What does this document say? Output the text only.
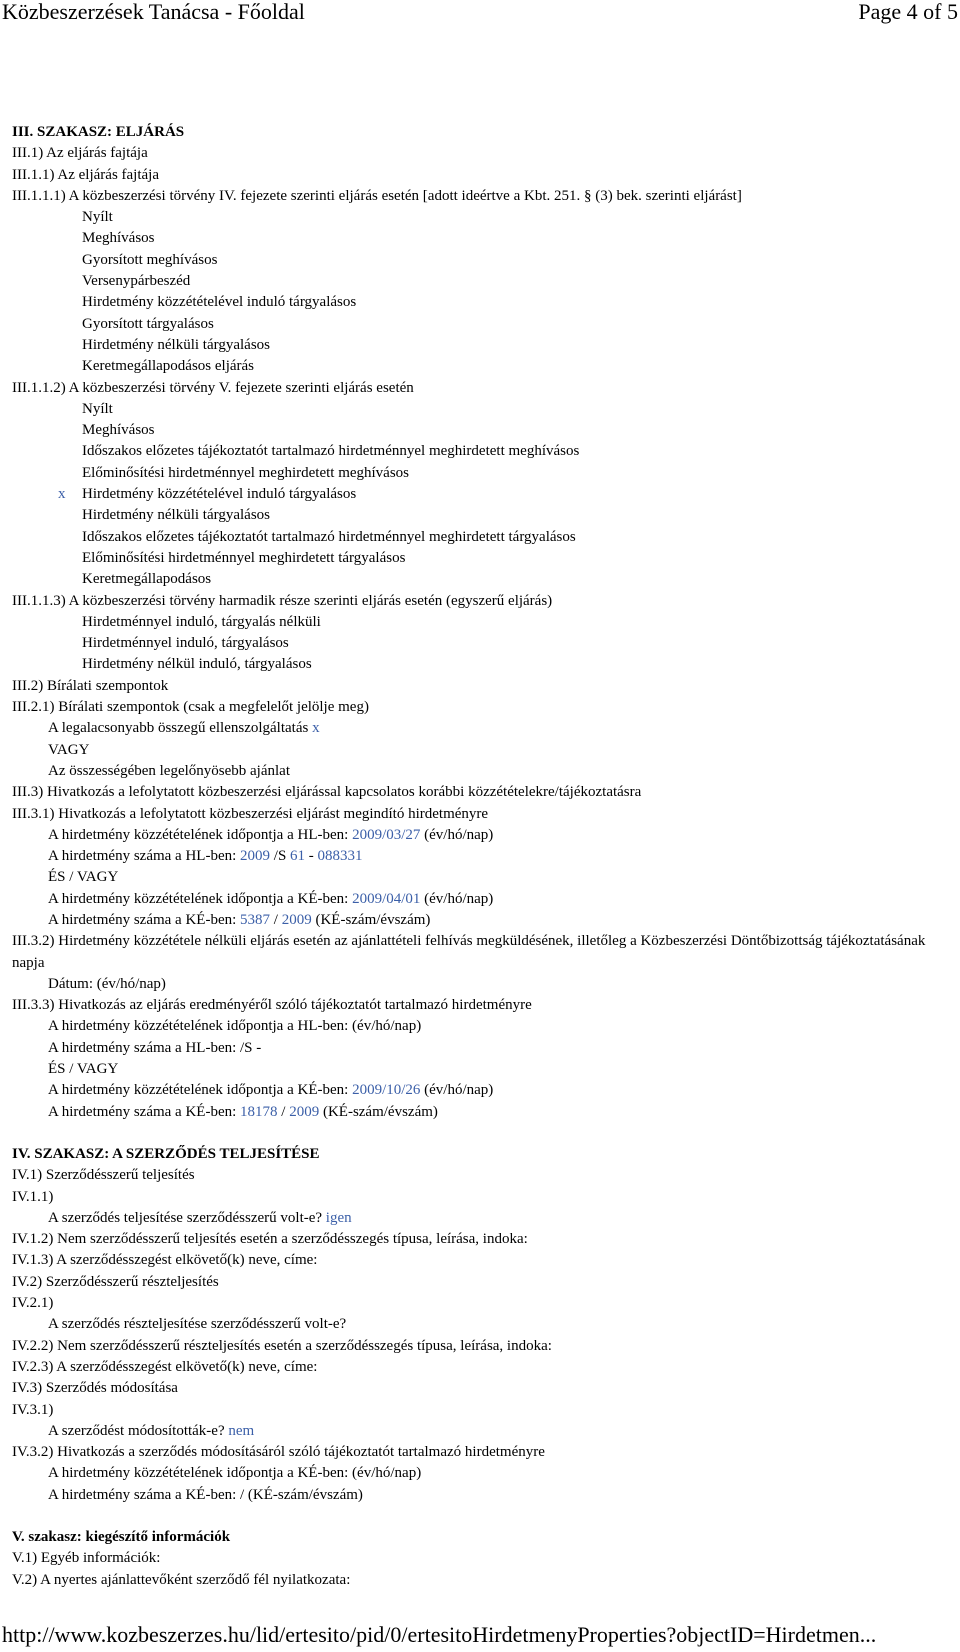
Közbeszerzések Tanácsa - Főoldal	Page 4 of 5
III. SZAKASZ: ELJÁRÁS
III.1) Az eljárás fajtája
III.1.1) Az eljárás fajtája
III.1.1.1) A közbeszerzési törvény IV. fejezete szerinti eljárás esetén [adott ideértve a Kbt. 251. § (3) bek. szerinti eljárást]
Nyílt
Meghívásos
Gyorsított meghívásos
Versenypárbeszéd
Hirdetmény közzétételével induló tárgyalásos
Gyorsított tárgyalásos
Hirdetmény nélküli tárgyalásos
Keretmegállapodásos eljárás
III.1.1.2) A közbeszerzési törvény V. fejezete szerinti eljárás esetén
Nyílt
Meghívásos
Időszakos előzetes tájékoztatót tartalmazó hirdetménnyel meghirdetett meghívásos
Előminősítési hirdetménnyel meghirdetett meghívásos
x Hirdetmény közzétételével induló tárgyalásos
Hirdetmény nélküli tárgyalásos
Időszakos előzetes tájékoztatót tartalmazó hirdetménnyel meghirdetett tárgyalásos
Előminősítési hirdetménnyel meghirdetett tárgyalásos
Keretmegállapodásos
III.1.1.3) A közbeszerzési törvény harmadik része szerinti eljárás esetén (egyszerű eljárás)
Hirdetménnyel induló, tárgyalás nélküli
Hirdetménnyel induló, tárgyalásos
Hirdetmény nélkül induló, tárgyalásos
III.2) Bírálati szempontok
III.2.1) Bírálati szempontok (csak a megfelelőt jelölje meg)
A legalacsonyabb összegű ellenszolgáltatás x
VAGY
Az összességében legelőnyösebb ajánlat
III.3) Hivatkozás a lefolytatott közbeszerzési eljárással kapcsolatos korábbi közzétételekre/tájékoztatásra
III.3.1) Hivatkozás a lefolytatott közbeszerzési eljárást megindító hirdetményre
A hirdetmény közzétételének időpontja a HL-ben: 2009/03/27 (év/hó/nap)
A hirdetmény száma a HL-ben: 2009 /S 61 - 088331
ÉS / VAGY
A hirdetmény közzétételének időpontja a KÉ-ben: 2009/04/01 (év/hó/nap)
A hirdetmény száma a KÉ-ben: 5387 / 2009 (KÉ-szám/évszám)
III.3.2) Hirdetmény közzététele nélküli eljárás esetén az ajánlattételi felhívás megküldésének, illetőleg a Közbeszerzési Döntőbizottság tájékoztatásának napja
Dátum: (év/hó/nap)
III.3.3) Hivatkozás az eljárás eredményéről szóló tájékoztatót tartalmazó hirdetményre
A hirdetmény közzétételének időpontja a HL-ben: (év/hó/nap)
A hirdetmény száma a HL-ben: /S -
ÉS / VAGY
A hirdetmény közzétételének időpontja a KÉ-ben: 2009/10/26 (év/hó/nap)
A hirdetmény száma a KÉ-ben: 18178 / 2009 (KÉ-szám/évszám)
IV. SZAKASZ: A SZERZŐDÉS TELJESÍTÉSE
IV.1) Szerződésszerű teljesítés
IV.1.1)
A szerződés teljesítése szerződésszerű volt-e? igen
IV.1.2) Nem szerződésszerű teljesítés esetén a szerződésszegés típusa, leírása, indoka:
IV.1.3) A szerződésszegést elkövető(k) neve, címe:
IV.2) Szerződésszerű részteljesítés
IV.2.1)
A szerződés részteljesítése szerződésszerű volt-e?
IV.2.2) Nem szerződésszerű részteljesítés esetén a szerződésszegés típusa, leírása, indoka:
IV.2.3) A szerződésszegést elkövető(k) neve, címe:
IV.3) Szerződés módosítása
IV.3.1)
A szerződést módosították-e? nem
IV.3.2) Hivatkozás a szerződés módosításáról szóló tájékoztatót tartalmazó hirdetményre
A hirdetmény közzétételének időpontja a KÉ-ben: (év/hó/nap)
A hirdetmény száma a KÉ-ben: / (KÉ-szám/évszám)
V. szakasz: kiegészítő információk
V.1) Egyéb információk:
V.2) A nyertes ajánlattevőként szerződő fél nyilatkozata:
http://www.kozbeszerzes.hu/lid/ertesito/pid/0/ertesitoHirdetmenyProperties?objectID=Hirdetmen...
